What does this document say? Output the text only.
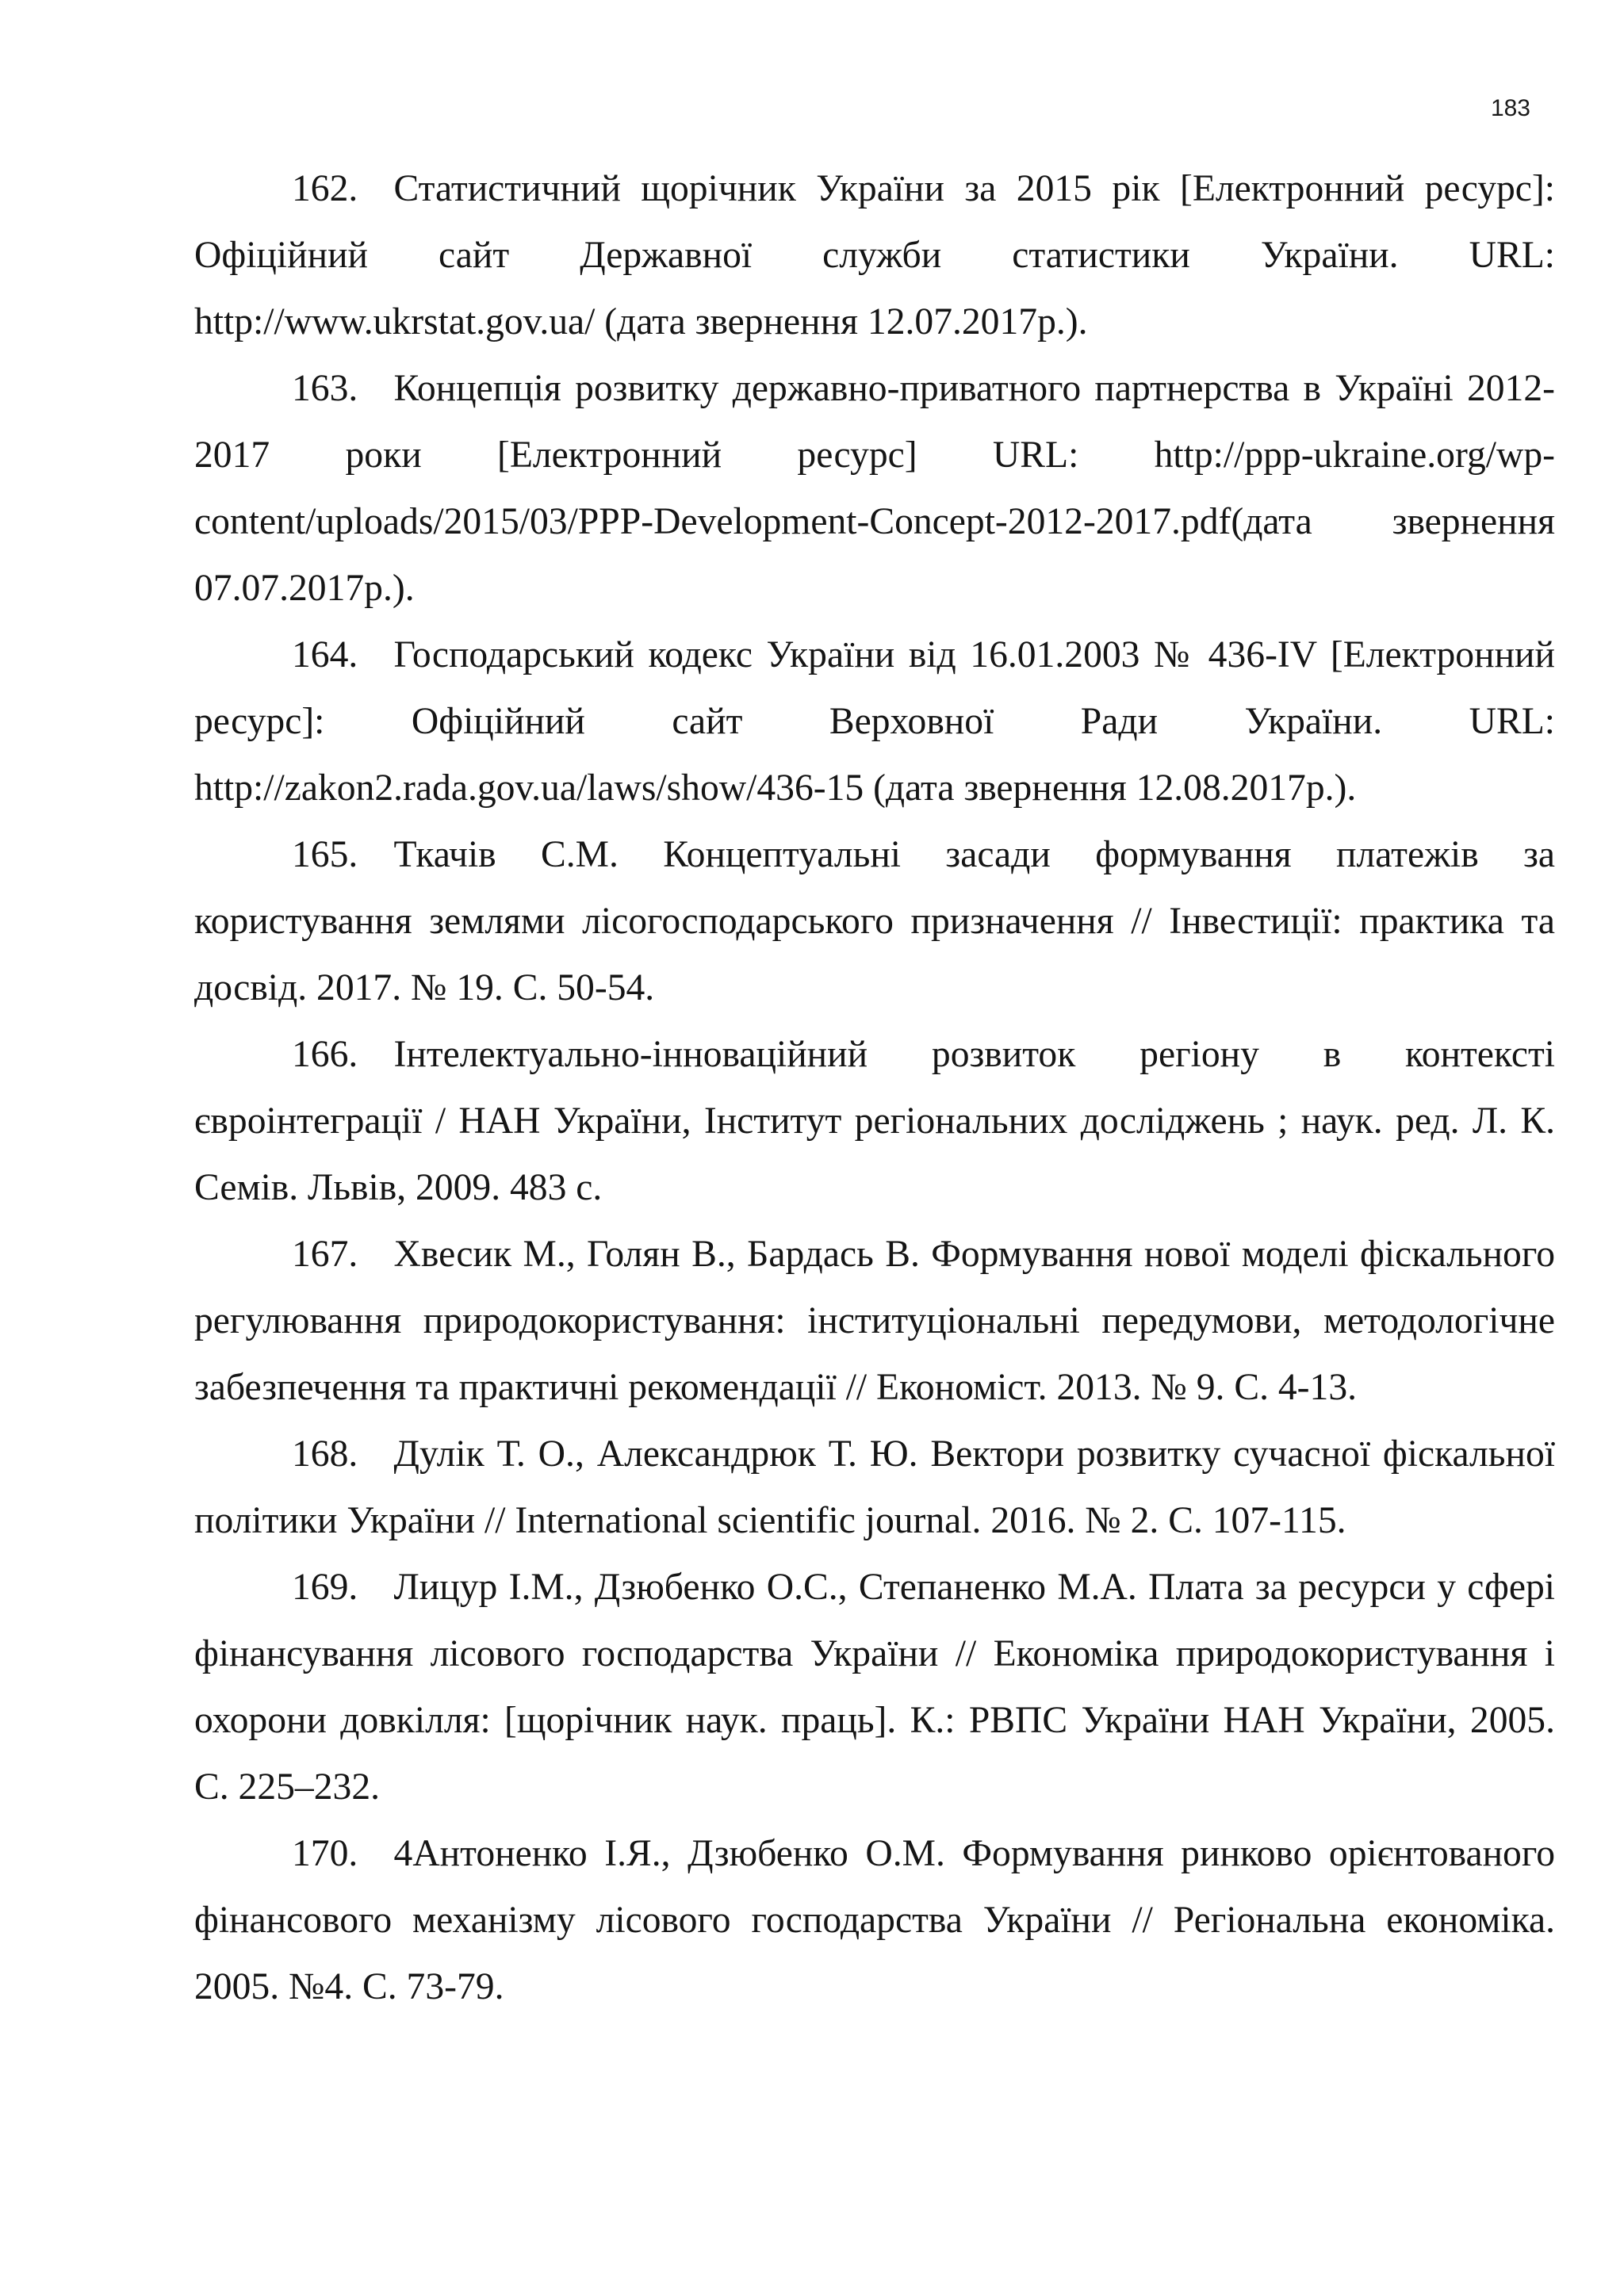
183

162. Статистичний щорічник України за 2015 рік [Електронний ресурс]: Офіційний сайт Державної служби статистики України. URL: http://www.ukrstat.gov.ua/ (дата звернення 12.07.2017р.).

163. Концепція розвитку державно-приватного партнерства в Україні 2012-2017 роки [Електронний ресурс] URL: http://ppp-ukraine.org/wp-content/uploads/2015/03/PPP-Development-Concept-2012-2017.pdf(дата звернення 07.07.2017р.).

164. Господарський кодекс України від 16.01.2003 № 436-IV [Електронний ресурс]: Офіційний сайт Верховної Ради України. URL: http://zakon2.rada.gov.ua/laws/show/436-15 (дата звернення 12.08.2017р.).

165. Ткачів С.М. Концептуальні засади формування платежів за користування землями лісогосподарського призначення // Інвестиції: практика та досвід. 2017. № 19. С. 50-54.

166. Інтелектуально-інноваційний розвиток регіону в контексті євроінтеграції / НАН України, Інститут регіональних досліджень ; наук. ред. Л. К. Семів. Львів, 2009. 483 с.

167. Хвесик М., Голян В., Бардась В. Формування нової моделі фіскального регулювання природокористування: інституціональні передумови, методологічне забезпечення та практичні рекомендації // Економіст. 2013. № 9. С. 4-13.

168. Дулік Т. О., Александрюк Т. Ю. Вектори розвитку сучасної фіскальної політики України // International scientific journal. 2016. № 2. С. 107-115.

169. Лицур І.М., Дзюбенко О.С., Степаненко М.А. Плата за ресурси у сфері фінансування лісового господарства України // Економіка природокористування і охорони довкілля: [щорічник наук. праць]. К.: РВПС України НАН України, 2005. С. 225–232.

170. 4Антоненко І.Я., Дзюбенко О.М. Формування ринково орієнтованого фінансового механізму лісового господарства України // Регіональна економіка. 2005. №4. С. 73-79.
